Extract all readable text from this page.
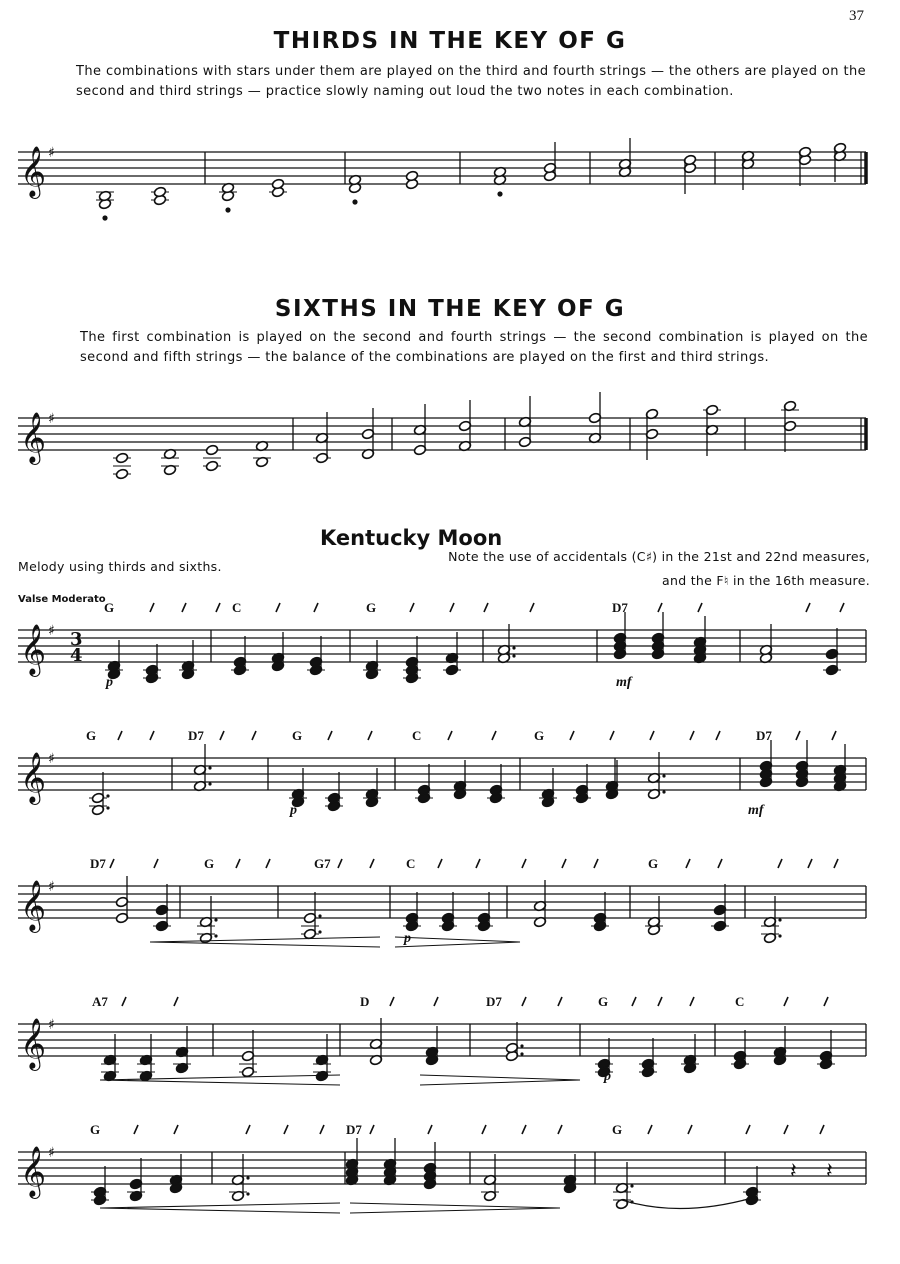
37
THIRDS IN THE KEY OF G
The combinations with stars under them are played on the third and fourth strings — the others are played on the second and third strings — practice slowly naming out loud the two notes in each combination.
𝄞 ♯
SIXTHS IN THE KEY OF G
The first combination is played on the second and fourth strings — the second combination is played on the second and fifth strings — the balance of the combinations are played on the first and third strings.
𝄞 ♯
Kentucky Moon
Melody using thirds and sixths.
Note the use of accidentals (C♯) in the 21st and 22nd measures,
and the F♮ in the 16th measure.
Valse Moderato
𝄞 ♯ 3
4
G	C	G	D7
p	mf
𝄞 ♯
G	D7	G	C	G	D7
p	mf
𝄞 ♯
D7	G	G7	C	G
p
𝄞 ♯
A7	D	D7	G	C
p
𝄞 ♯
G	D7	G
𝄽 𝄽
